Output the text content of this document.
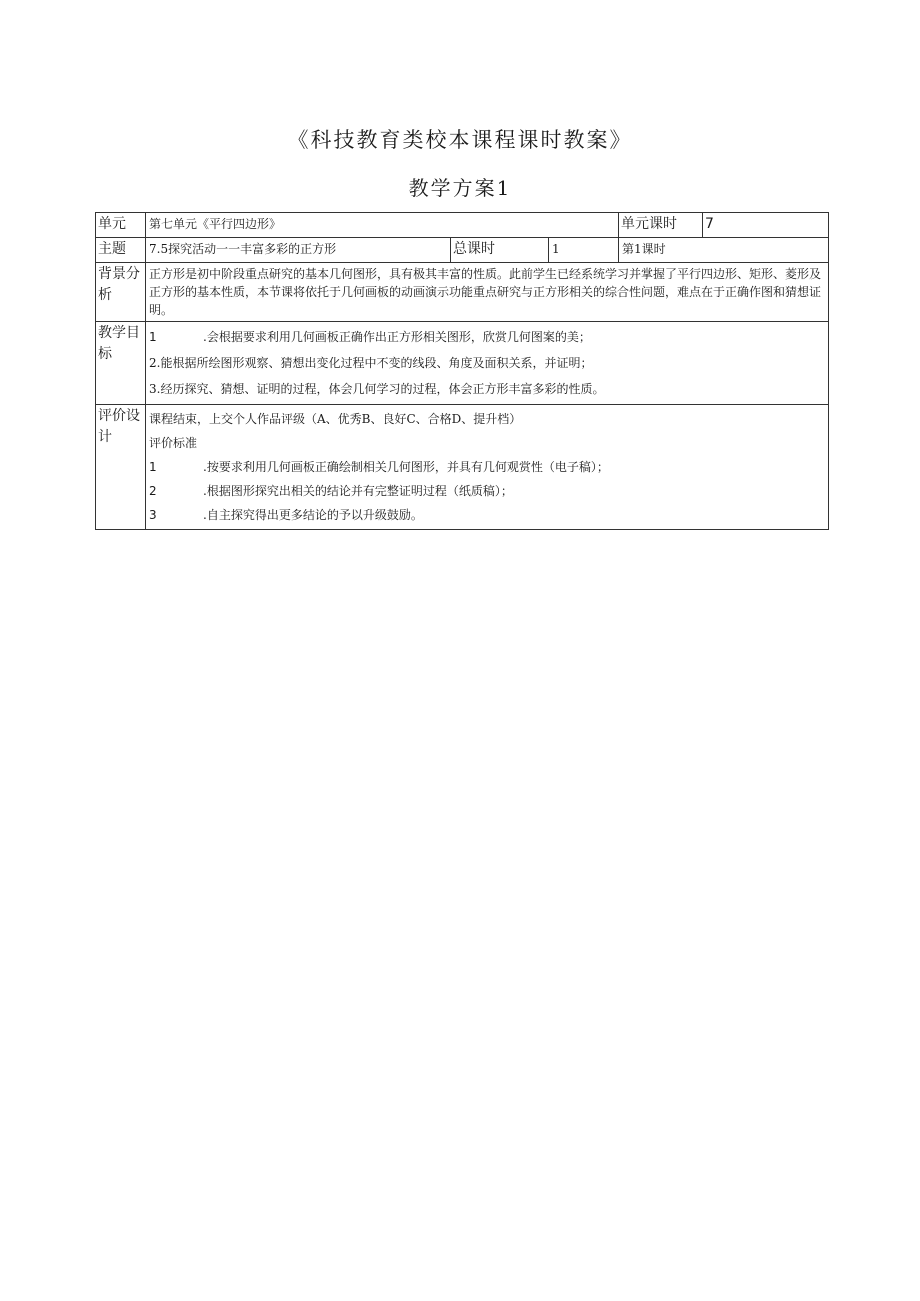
《科技教育类校本课程课时教案》
教学方案1
单元	第七单元《平行四边形》			单元课时	7
主题	7.5探究活动一一丰富多彩的正方形	总课时	1	第1课时	
背景分析	正方形是初中阶段重点研究的基本几何图形，具有极其丰富的性质。此前学生已经系统学习并掌握了平行四边形、矩形、菱形及正方形的基本性质，本节课将依托于几何画板的动画演示功能重点研究与正方形相关的综合性问题，难点在于正确作图和猜想证明。				
教学目标	1 .会根据要求利用几何画板正确作出正方形相关图形，欣赏几何图案的美；
2.能根据所绘图形观察、猜想出变化过程中不变的线段、角度及面积关系，并证明；
3.经历探究、猜想、证明的过程，体会几何学习的过程，体会正方形丰富多彩的性质。				

评价设计	课程结束，上交个人作品评级（A、优秀B、良好C、合格D、提升档）
评价标准
1 .按要求利用几何画板正确绘制相关几何图形，并具有几何观赏性（电子稿）；
2 .根据图形探究出相关的结论并有完整证明过程（纸质稿）；
3 .自主探究得出更多结论的予以升级鼓励。				
